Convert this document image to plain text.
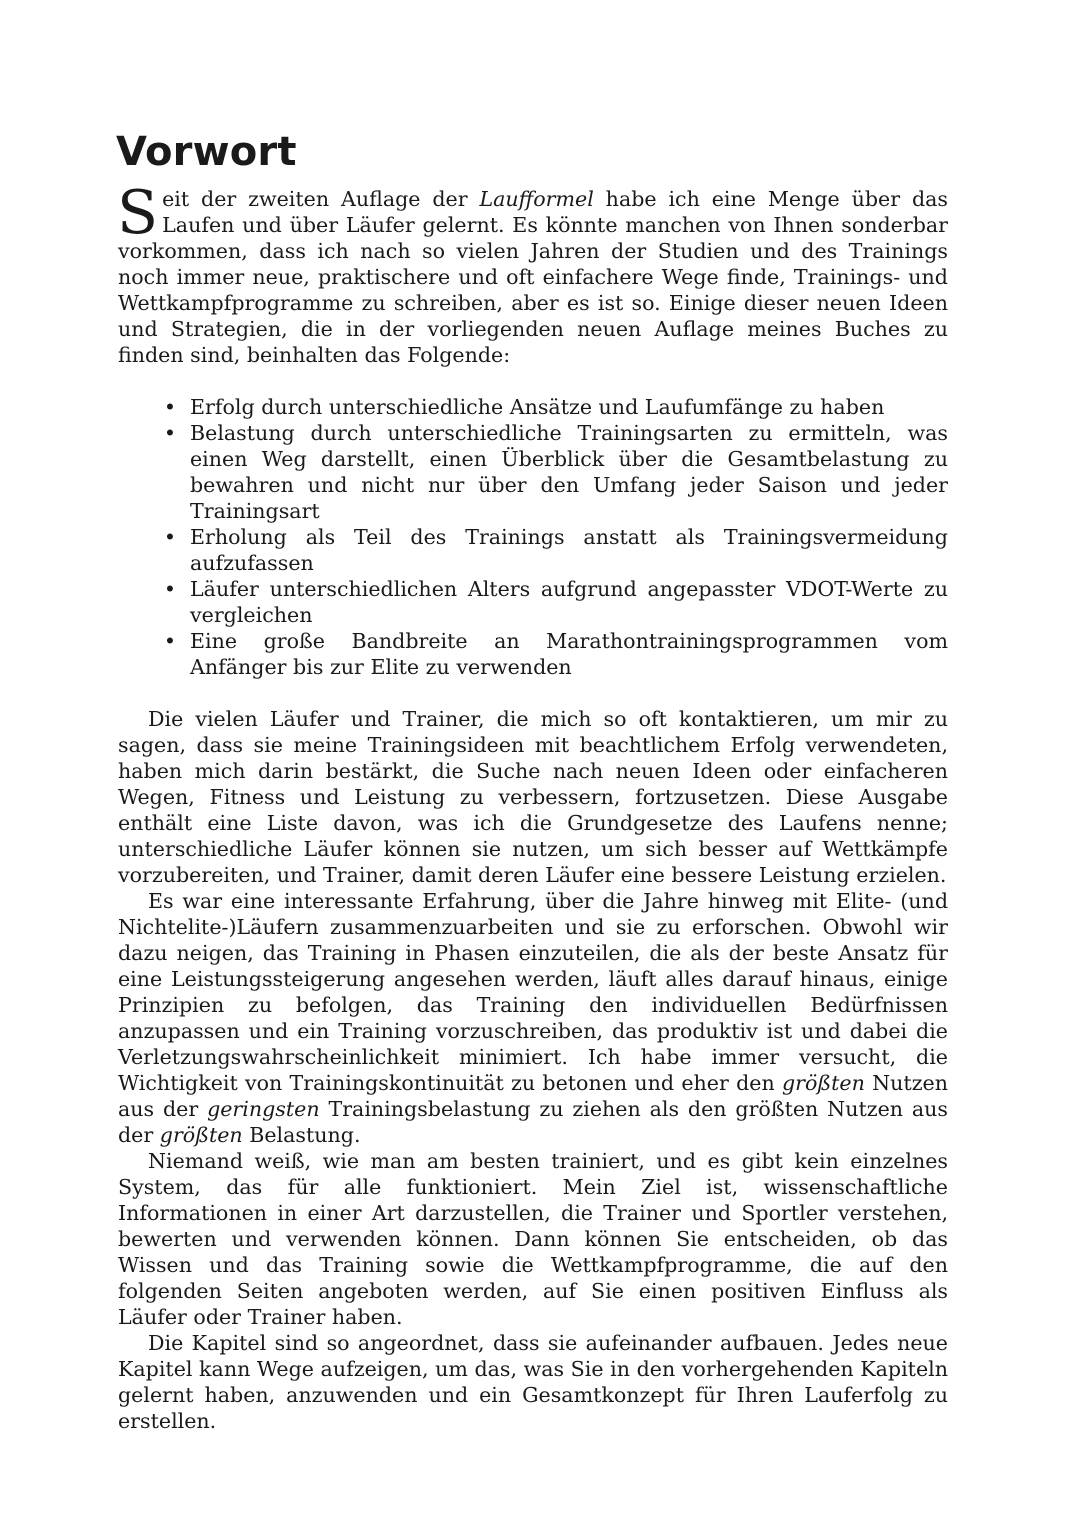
Vorwort

Seit der zweiten Auflage der Laufformel habe ich eine Menge über das Laufen und über Läufer gelernt. Es könnte manchen von Ihnen sonderbar vorkommen, dass ich nach so vielen Jahren der Studien und des Trainings noch immer neue, praktischere und oft einfachere Wege finde, Trainings- und Wettkampfprogramme zu schreiben, aber es ist so. Einige dieser neuen Ideen und Strategien, die in der vorliegenden neuen Auflage meines Buches zu finden sind, beinhalten das Folgende:

• Erfolg durch unterschiedliche Ansätze und Laufumfänge zu haben
• Belastung durch unterschiedliche Trainingsarten zu ermitteln, was einen Weg darstellt, einen Überblick über die Gesamtbelastung zu bewahren und nicht nur über den Umfang jeder Saison und jeder Trainingsart
• Erholung als Teil des Trainings anstatt als Trainingsvermeidung aufzufassen
• Läufer unterschiedlichen Alters aufgrund angepasster VDOT-Werte zu vergleichen
• Eine große Bandbreite an Marathontrainingsprogrammen vom Anfänger bis zur Elite zu verwenden

Die vielen Läufer und Trainer, die mich so oft kontaktieren, um mir zu sagen, dass sie meine Trainingsideen mit beachtlichem Erfolg verwendeten, haben mich darin bestärkt, die Suche nach neuen Ideen oder einfacheren Wegen, Fitness und Leistung zu verbessern, fortzusetzen. Diese Ausgabe enthält eine Liste davon, was ich die Grundgesetze des Laufens nenne; unterschiedliche Läufer können sie nutzen, um sich besser auf Wettkämpfe vorzubereiten, und Trainer, damit deren Läufer eine bessere Leistung erzielen.

Es war eine interessante Erfahrung, über die Jahre hinweg mit Elite- (und Nichtelite-)Läufern zusammenzuarbeiten und sie zu erforschen. Obwohl wir dazu neigen, das Training in Phasen einzuteilen, die als der beste Ansatz für eine Leistungssteigerung angesehen werden, läuft alles darauf hinaus, einige Prinzipien zu befolgen, das Training den individuellen Bedürfnissen anzupassen und ein Training vorzuschreiben, das produktiv ist und dabei die Verletzungswahrscheinlichkeit minimiert. Ich habe immer versucht, die Wichtigkeit von Trainingskontinuität zu betonen und eher den größten Nutzen aus der geringsten Trainingsbelastung zu ziehen als den größten Nutzen aus der größten Belastung.

Niemand weiß, wie man am besten trainiert, und es gibt kein einzelnes System, das für alle funktioniert. Mein Ziel ist, wissenschaftliche Informationen in einer Art darzustellen, die Trainer und Sportler verstehen, bewerten und verwenden können. Dann können Sie entscheiden, ob das Wissen und das Training sowie die Wettkampfprogramme, die auf den folgenden Seiten angeboten werden, auf Sie einen positiven Einfluss als Läufer oder Trainer haben.

Die Kapitel sind so angeordnet, dass sie aufeinander aufbauen. Jedes neue Kapitel kann Wege aufzeigen, um das, was Sie in den vorhergehenden Kapiteln gelernt haben, anzuwenden und ein Gesamtkonzept für Ihren Lauferfolg zu erstellen.
